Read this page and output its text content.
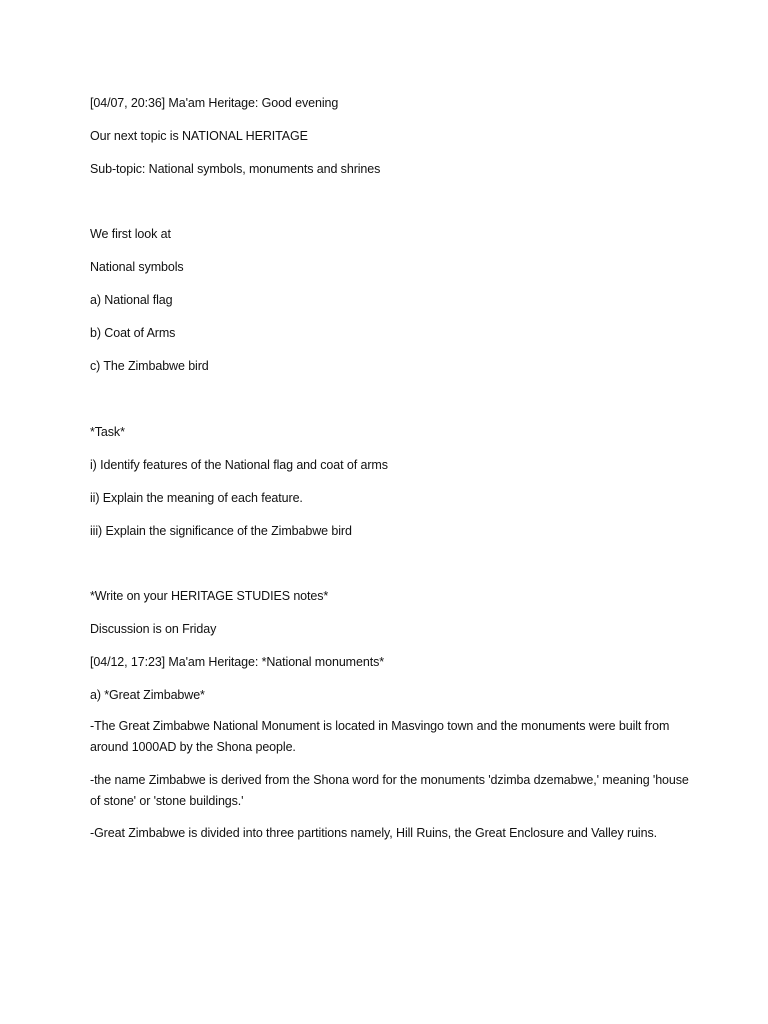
[04/07, 20:36] Ma'am Heritage: Good evening
Our next topic is NATIONAL HERITAGE
Sub-topic: National symbols, monuments and shrines
We first look at
National symbols
a) National flag
b) Coat of Arms
c) The Zimbabwe bird
*Task*
i) Identify features of the National flag and coat of arms
ii) Explain the meaning of each feature.
iii) Explain the significance of the Zimbabwe bird
*Write on your HERITAGE STUDIES notes*
Discussion is on Friday
[04/12, 17:23] Ma'am Heritage: *National monuments*
a) *Great Zimbabwe*
-The Great Zimbabwe National Monument is located in Masvingo town and the monuments were built from around 1000AD by the Shona people.
-the name Zimbabwe is derived from the Shona word for the monuments 'dzimba dzemabwe,' meaning 'house of stone' or 'stone buildings.'
-Great Zimbabwe is divided into three partitions namely, Hill Ruins, the Great Enclosure and Valley ruins.
